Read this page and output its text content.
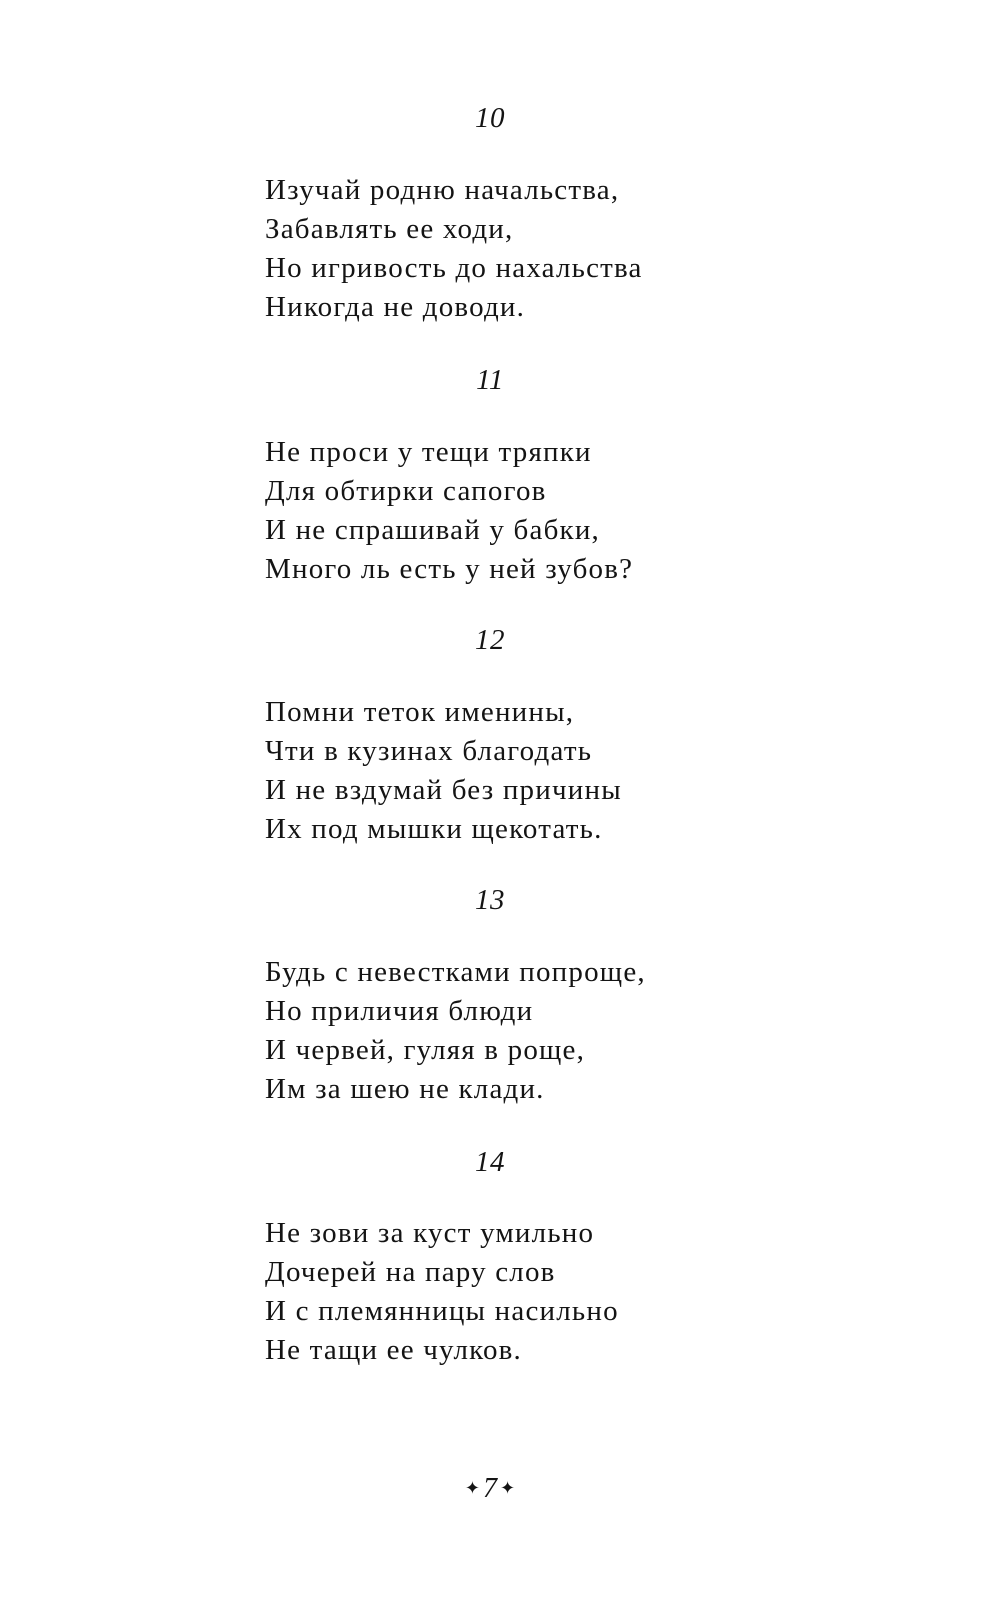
10
Изучай родню начальства,
Забавлять ее ходи,
Но игривость до нахальства
Никогда не доводи.
11
Не проси у тещи тряпки
Для обтирки сапогов
И не спрашивай у бабки,
Много ль есть у ней зубов?
12
Помни теток именины,
Чти в кузинах благодать
И не вздумай без причины
Их под мышки щекотать.
13
Будь с невестками попроще,
Но приличия блюди
И червей, гуляя в роще,
Им за шею не клади.
14
Не зови за куст умильно
Дочерей на пару слов
И с племянницы насильно
Не тащи ее чулков.
✦ 7 ✦
